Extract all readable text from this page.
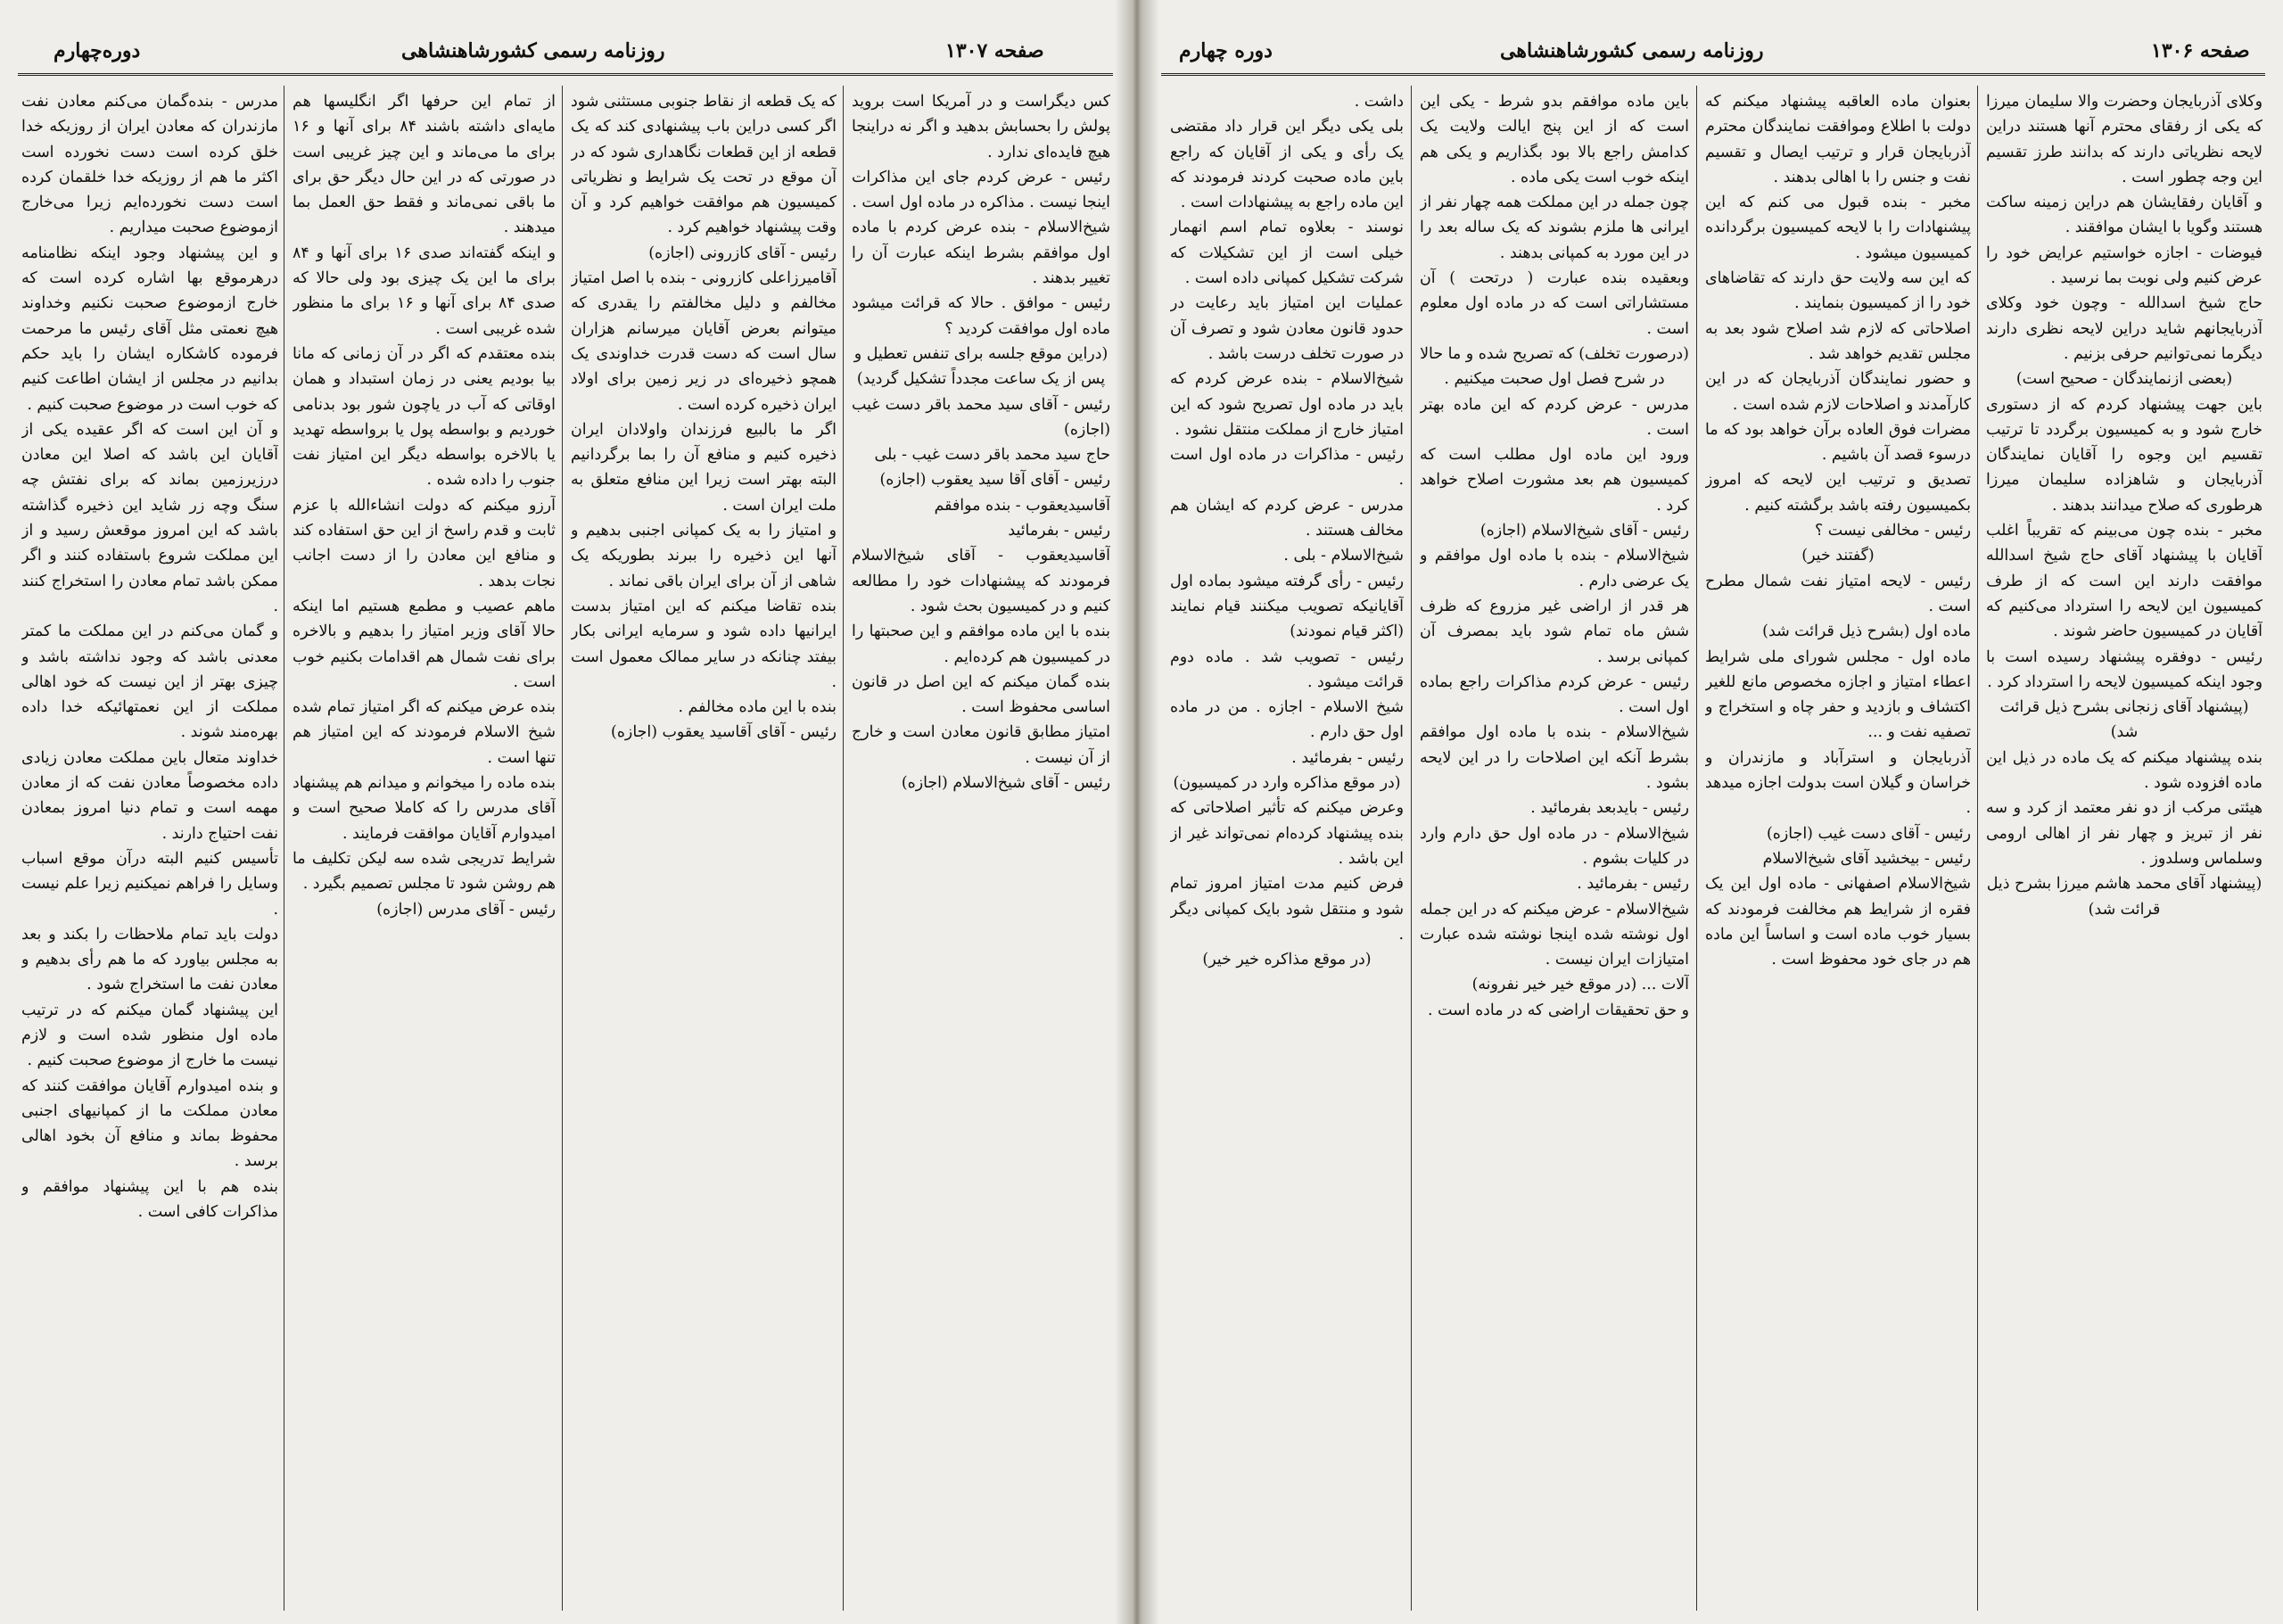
دوره‌چهارم	روزنامه رسمی کشورشاهنشاهی	صفحه ۱۳۰۷

مدرس - بنده‌گمان می‌کنم معادن نفت مازندران که معادن ایران از روزیکه خدا خلق کرده است دست نخورده است اکثر ما هم از روزیکه خدا خلقمان کرده است دست نخورده‌ایم زیرا می‌خارج ازموضوع صحبت میداریم .

و این پیشنهاد وجود اینکه نظامنامه درهرموقع بها اشاره کرده است که خارج ازموضوع صحبت نکنیم وخداوند هیچ نعمتی مثل آقای رئیس ما مرحمت فرموده کاشکاره ایشان را باید حکم بدانیم در مجلس از ایشان اطاعت کنیم که خوب است در موضوع صحبت کنیم .

و آن این است که اگر عقیده یکی از آقایان این باشد که اصلا این معادن درزیرزمین بماند که برای نفتش چه سنگ وچه زر شاید این ذخیره گذاشته باشد که این امروز موقعش رسید و از این مملکت شروع باستفاده کنند و اگر ممکن باشد تمام معادن را استخراج کنند .

و گمان می‌کنم در این مملکت ما کمتر معدنی باشد که وجود نداشته باشد و چیزی بهتر از این نیست که خود اهالی مملکت از این نعمتهائیکه خدا داده بهره‌مند شوند .

خداوند متعال باین مملکت معادن زیادی داده مخصوصاً معادن نفت که از معادن مهمه است و تمام دنیا امروز بمعادن نفت احتیاج دارند .

تأسیس کنیم البته درآن موقع اسباب وسایل را فراهم نمیکنیم زیرا علم نیست .

دولت باید تمام ملاحظات را بکند و بعد به مجلس بیاورد که ما هم رأی بدهیم و معادن نفت ما استخراج شود .

این پیشنهاد گمان میکنم که در ترتیب ماده اول منظور شده است و لازم نیست ما خارج از موضوع صحبت کنیم .

و بنده امیدوارم آقایان موافقت کنند که معادن مملکت ما از کمپانیهای اجنبی محفوظ بماند و منافع آن بخود اهالی برسد .

بنده هم با این پیشنهاد موافقم و مذاکرات کافی است .

از تمام این حرفها اگر انگلیسها هم مایه‌ای داشته باشند ۸۴ برای آنها و ۱۶ برای ما می‌ماند و این چیز غریبی است در صورتی که در این حال دیگر حق برای ما باقی نمی‌ماند و فقط حق العمل بما میدهند .

و اینکه گفته‌اند صدی ۱۶ برای آنها و ۸۴ برای ما این یک چیزی بود ولی حالا که صدی ۸۴ برای آنها و ۱۶ برای ما منظور شده غریبی است .

بنده معتقدم که اگر در آن زمانی که مانا بیا بودیم یعنی در زمان استبداد و همان اوقاتی که آب در یاچون شور بود بدنامی خوردیم و بواسطه پول یا برواسطه تهدید یا بالاخره بواسطه دیگر این امتیاز نفت جنوب را داده شده .

آرزو میکنم که دولت انشاءالله با عزم ثابت و قدم راسخ از این حق استفاده کند و منافع این معادن را از دست اجانب نجات بدهد .

ماهم‌ عصیب و مطمع هستیم اما اینکه حالا آقای وزیر امتیاز را بدهیم و بالاخره برای نفت شمال هم اقدامات بکنیم خوب است .

بنده عرض میکنم که اگر امتیاز تمام شده شیخ الاسلام فرمودند که این امتیاز هم تنها است .

بنده ماده را میخوانم و میدانم هم پیشنهاد آقای مدرس را که کاملا صحیح است و امیدوارم آقایان موافقت فرمایند .

شرایط تدریجی شده سه لیکن تکلیف ما هم روشن شود تا مجلس تصمیم بگیرد .

رئیس - آقای مدرس (اجازه)

که یک قطعه از نقاط جنوبی مستثنی شود اگر کسی دراین باب پیشنهادی کند که یک قطعه از این قطعات نگاهداری شود که در آن موقع در تحت یک شرایط و نظریاتی کمیسیون هم موافقت خواهیم کرد و آن وقت پیشنهاد خواهیم کرد .

رئیس - آقای کازرونی (اجازه)

آقامیرزاعلی کازرونی - بنده با اصل امتیاز مخالفم و دلیل مخالفتم را یقدری که میتوانم بعرض آقایان میرسانم هزاران سال است که دست قدرت خداوندی یک همچو ذخیره‌ای در زیر زمین برای اولاد ایران ذخیره کرده است .

اگر ما بالبیع فرزندان واولادان ایران ذخیره کنیم و منافع آن را بما برگردانیم البته بهتر است زیرا این منافع متعلق به ملت ایران است .

و امتیاز را به یک کمپانی اجنبی بدهیم و آنها این ذخیره را ببرند بطوریکه یک شاهی از آن برای ایران باقی نماند .

بنده تقاضا میکنم که این امتیاز بدست ایرانیها داده شود و سرمایه ایرانی بکار بیفتد چنانکه در سایر ممالک معمول است .

بنده با این ماده مخالفم .

رئیس - آقای آقاسید یعقوب (اجازه)

کس دیگراست و در آمریکا است بروید پولش را بحسابش بدهید و اگر نه دراینجا هیچ فایده‌ای ندارد .

رئیس - عرض کردم جای این مذاکرات اینجا نیست . مذاکره در ماده اول است .

شیخ‌الاسلام - بنده عرض کردم با ماده اول موافقم بشرط اینکه عبارت آن را تغییر بدهند .

رئیس - موافق . حالا که قرائت میشود ماده اول موافقت کردید ؟

(دراین موقع جلسه برای تنفس تعطیل و پس از یک ساعت مجدداً تشکیل گردید)

رئیس - آقای سید محمد باقر دست غیب (اجازه)

حاج سید محمد باقر دست غیب - بلی

رئیس - آقای آقا سید یعقوب (اجازه)

آقاسیدیعقوب - بنده موافقم

رئیس - بفرمائید

آقاسیدیعقوب - آقای شیخ‌الاسلام فرمودند که پیشنهادات خود را مطالعه کنیم و در کمیسیون بحث شود .

بنده با این ماده موافقم و این صحبتها را در کمیسیون هم کرده‌ایم .

بنده گمان میکنم که این اصل در قانون اساسی محفوظ است .

امتیاز مطابق قانون معادن است و خارج از آن نیست .

رئیس - آقای شیخ‌الاسلام (اجازه)

دوره چهارم	روزنامه رسمی کشورشاهنشاهی	صفحه ۱۳۰۶

داشت .

بلی یکی دیگر این قرار داد مقتضی یک رأی و یکی از آقایان که راجع باین ماده صحبت کردند فرمودند که این ماده راجع به پیشنهادات است .

نوسند - بعلاوه تمام اسم انهمار خیلی است از این تشکیلات که شرکت تشکیل کمپانی داده است .

عملیات این امتیاز باید رعایت در حدود قانون معادن شود و تصرف آن در صورت تخلف درست باشد .

شیخ‌الاسلام - بنده عرض کردم که باید در ماده اول تصریح شود که این امتیاز خارج از مملکت منتقل نشود .

رئیس - مذاکرات در ماده اول است .

مدرس - عرض کردم که ایشان هم مخالف هستند .

شیخ‌الاسلام - بلی .

رئیس - رأی گرفته میشود بماده اول آقایانیکه تصویب میکنند قیام نمایند (اکثر قیام نمودند)

رئیس - تصویب شد . ماده دوم قرائت میشود .

شیخ الاسلام - اجازه . من در ماده اول حق دارم .

رئیس - بفرمائید .

(در موقع مذاکره وارد در کمیسیون)

وعرض میکنم که تأثیر اصلاحاتی که بنده پیشنهاد کرده‌ام نمی‌تواند غیر از این باشد .

فرض کنیم مدت امتیاز امروز تمام شود و منتقل شود بایک کمپانی دیگر .

(در موقع مذاکره خیر خیر)

باین ماده موافقم بدو شرط - یکی این است که از این پنج ایالت ولایت یک کدامش راجع بالا بود بگذاریم و یکی هم اینکه خوب است یکی ماده .

چون جمله در این مملکت همه چهار نفر از ایرانی ها ملزم بشوند که یک ساله بعد را در این مورد به کمپانی بدهند .

وبعقیده بنده عبارت ( درتحت ) آن مستشاراتی است که در ماده اول معلوم است .

(درصورت تخلف) که تصریح شده و ما حالا در شرح فصل اول صحبت میکنیم .

مدرس - عرض کردم که این ماده بهتر است .

ورود این ماده اول مطلب است که کمیسیون هم بعد مشورت اصلاح خواهد کرد .

رئیس - آقای شیخ‌الاسلام (اجازه)

شیخ‌الاسلام - بنده با ماده اول موافقم و یک عرضی دارم .

هر قدر از اراضی غیر مزروع که ظرف شش ماه تمام شود باید بمصرف آن کمپانی برسد .

رئیس - عرض کردم مذاکرات راجع بماده اول است .

شیخ‌الاسلام - بنده با ماده اول موافقم بشرط آنکه این اصلاحات را در این لایحه بشود .

رئیس - بایدبعد بفرمائید .

شیخ‌الاسلام - در ماده اول حق دارم وارد در کلیات بشوم .

رئیس - بفرمائید .

شیخ‌الاسلام - عرض میکنم که در این جمله اول نوشته شده اینجا نوشته شده عبارت امتیازات ایران نیست .

آلات ... (در موقع خیر خیر نفرونه)

و حق تحقیقات اراضی که در ماده است .

بعنوان ماده العاقبه پیشنهاد میکنم که دولت با اطلاع وموافقت نمایندگان محترم آذربایجان قرار و ترتیب ایصال و تقسیم نفت و جنس را با اهالی بدهند .

مخبر - بنده قبول می کنم که این پیشنهادات را با لایحه کمیسیون برگردانده کمیسیون میشود .

که این سه ولایت حق دارند که تقاضاهای خود را از کمیسیون بنمایند .

اصلاحاتی که لازم شد اصلاح شود بعد به مجلس تقدیم خواهد شد .

و حضور نمایندگان آذربایجان که در این کارآمدند و اصلاحات لازم شده است .

مضرات فوق العاده برآن خواهد بود که ما درسوء قصد آن باشیم .

تصدیق و ترتیب این لایحه که امروز بکمیسیون رفته باشد برگشته کنیم .

رئیس - مخالفی نیست ؟

(گفتند خیر)

رئیس - لایحه امتیاز نفت شمال مطرح است .

ماده اول (بشرح ذیل قرائت شد)

ماده اول - مجلس شورای ملی شرایط اعطاء امتیاز و اجازه مخصوص مانع للغیر اکتشاف و بازدید و حفر چاه و استخراج و تصفیه نفت و ...

آذربایجان و استرآباد و مازندران و خراسان و گیلان است بدولت اجازه میدهد .

رئیس - آقای دست غیب (اجازه)

رئیس - بیخشید آقای شیخ‌الاسلام

شیخ‌الاسلام اصفهانی - ماده اول این یک فقره از شرایط هم مخالفت فرمودند که بسیار خوب ماده است و اساساً این ماده هم در جای خود محفوظ است .

وکلای آذربایجان وحضرت والا سلیمان میرزا که یکی از رفقای محترم آنها هستند دراین لایحه نظریاتی دارند که بدانند طرز تقسیم این وجه چطور است .

و آقایان رفقایشان هم دراین زمینه ساکت هستند وگویا با ایشان موافقند .

فیوضات - اجازه خواستیم عرایض خود را عرض کنیم ولی نوبت بما نرسید .

حاج شیخ اسدالله - وچون خود وکلای آذربایجانهم شاید دراین لایحه نظری دارند دیگرما نمی‌توانیم حرفی بزنیم .

(بعضی ازنمایندگان - صحیح است)

باین جهت پیشنهاد کردم که از دستوری خارج شود و به کمیسیون برگردد تا ترتیب تقسیم این وجوه را آقایان نمایندگان آذربایجان و شاهزاده سلیمان میرزا هرطوری که صلاح میدانند بدهند .

مخبر - بنده چون می‌بینم که تقریباً اغلب آقایان با پیشنهاد آقای حاج شیخ اسدالله موافقت دارند این است که از طرف کمیسیون این لایحه را استرداد می‌کنیم که آقایان در کمیسیون حاضر شوند .

رئیس - دوفقره پیشنهاد رسیده است با وجود اینکه کمیسیون لایحه را استرداد کرد .

(پیشنهاد آقای زنجانی بشرح ذیل قرائت شد)

بنده پیشنهاد میکنم که یک ماده در ذیل این ماده افزوده شود .

هیئتی مرکب از دو نفر معتمد از کرد و سه نفر از تبریز و چهار نفر از اهالی ارومی وسلماس وسلدوز .

(پیشنهاد آقای محمد هاشم میرزا بشرح ذیل قرائت شد)
